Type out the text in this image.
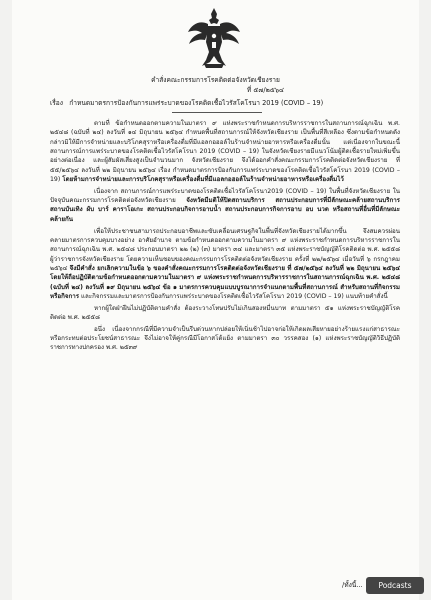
คำสั่งคณะกรรมการโรคติดต่อจังหวัดเชียงราย
ที่ ๕๗/๒๕๖๔
เรื่อง กำหนดมาตรการป้องกันการแพร่ระบาดของโรคติดเชื้อไวรัสโคโรนา 2019 (COVID – 19)

ตามที่ ข้อกำหนดออกตามความในมาตรา ๙ แห่งพระราชกำหนดการบริหารราชการในสถานการณ์ฉุกเฉิน พ.ศ. ๒๕๔๘ (ฉบับที่ ๒๔) ลงวันที่ ๑๔ มิถุนายน ๒๕๖๔ กำหนดพื้นที่สถานการณ์ให้จังหวัดเชียงราย เป็นพื้นที่สีเหลือง ซึ่งตามข้อกำหนดดังกล่าวมิให้มีการจำหน่ายและบริโภคสุราหรือเครื่องดื่มที่มีแอลกอฮอล์ในร้านจำหน่ายอาหารหรือเครื่องดื่มนั้น แต่เนื่องจากในขณะนี้ สถานการณ์การแพร่ระบาดของโรคติดเชื้อไวรัสโคโรนา 2019 (COVID – 19) ในจังหวัดเชียงรายมีแนวโน้มผู้ติดเชื้อรายใหม่เพิ่มขึ้นอย่างต่อเนื่อง และผู้สัมผัสเสี่ยงสูงเป็นจำนวนมาก จังหวัดเชียงราย จึงได้ออกคำสั่งคณะกรรมการโรคติดต่อจังหวัดเชียงราย ที่ ๕๕/๒๕๖๔ ลงวันที่ ๒๒ มิถุนายน ๒๕๖๔ เรื่อง กำหนดมาตรการป้องกันการแพร่ระบาดของโรคติดเชื้อไวรัสโคโรนา 2019 (COVID – 19) โดยห้ามการจำหน่ายและการบริโภคสุราหรือเครื่องดื่มที่มีแอลกอฮอล์ในร้านจำหน่ายอาหารหรือเครื่องดื่มไว้

เนื่องจาก สถานการณ์การแพร่ระบาดของโรคติดเชื้อไวรัสโคโรนา2019 (COVID – 19) ในพื้นที่จังหวัดเชียงราย ในปัจจุบันคณะกรรมการโรคติดต่อจังหวัดเชียงราย จังหวัดมีมติให้ปิดสถานบริการ สถานประกอบการที่มีลักษณะคล้ายสถานบริการ สถานบันเทิง ผับ บาร์ คาราโอเกะ สถานประกอบกิจการอาบน้ำ สถานประกอบการกิจการอาบ อบ นวด หรือสถานที่อื่นที่มีลักษณะคล้ายกัน

เพื่อให้ประชาชนสามารถประกอบอาชีพและขับเคลื่อนเศรษฐกิจในพื้นที่จังหวัดเชียงรายได้มากขึ้น จึงสมควรผ่อนคลายมาตรการควบคุมบางอย่าง อาศัยอำนาจ ตามข้อกำหนดออกตามความในมาตรา ๙ แห่งพระราชกำหนดการบริหารราชการในสถานการณ์ฉุกเฉิน พ.ศ. ๒๕๔๘ ประกอบมาตรา ๒๒ (๒) (๓) มาตรา ๓๔ และมาตรา ๓๕ แห่งพระราชบัญญัติโรคติดต่อ พ.ศ. ๒๕๕๘ ผู้ว่าราชการจังหวัดเชียงราย โดยความเห็นชอบของคณะกรรมการโรคติดต่อจังหวัดเชียงราย ครั้งที่ ๒๒/๒๕๖๔ เมื่อวันที่ ๖ กรกฎาคม ๒๕๖๔ จึงมีคำสั่ง ยกเลิกความในข้อ ๖ ของคำสั่งคณะกรรมการโรคติดต่อจังหวัดเชียงราย ที่ ๕๗/๒๕๖๔ ลงวันที่ ๒๒ มิถุนายน ๒๕๖๔ โดยให้ถือปฏิบัติตามข้อกำหนดออกตามความในมาตรา ๙ แห่งพระราชกำหนดการบริหารราชการในสถานการณ์ฉุกเฉิน พ.ศ. ๒๕๔๘ (ฉบับที่ ๒๔) ลงวันที่ ๑๙ มิถุนายน ๒๕๖๔ ข้อ ๑ มาตรการควบคุมแบบบูรณาการจำแนกตามพื้นที่สถานการณ์ สำหรับสถานที่กิจกรรม หรือกิจการ และกิจกรรมและมาตรการป้องกันการแพร่ระบาดของโรคติดเชื้อไวรัสโคโรนา 2019 (COVID – 19) แนบท้ายคำสั่งนี้

หากผู้ใดฝ่าฝืนไม่ปฏิบัติตามคำสั่ง ต้องระวางโทษปรับไม่เกินสองหมื่นบาท ตามมาตรา ๕๑ แห่งพระราชบัญญัติโรคติดต่อ พ.ศ. ๒๕๕๘

อนึ่ง เนื่องจากกรณีที่มีความจำเป็นรีบด่วนหากปล่อยให้เนิ่นช้าไปอาจก่อให้เกิดผลเสียหายอย่างร้ายแรงแก่สาธารณะหรือกระทบต่อประโยชน์สาธารณะ จึงไม่อาจให้คู่กรณีมีโอกาสโต้แย้ง ตามมาตรา ๓๐ วรรคสอง (๑) แห่งพระราชบัญญัติวิธีปฏิบัติราชการทางปกครอง พ.ศ. ๒๕๓๙

/ทั้งนี้...	Podcasts
